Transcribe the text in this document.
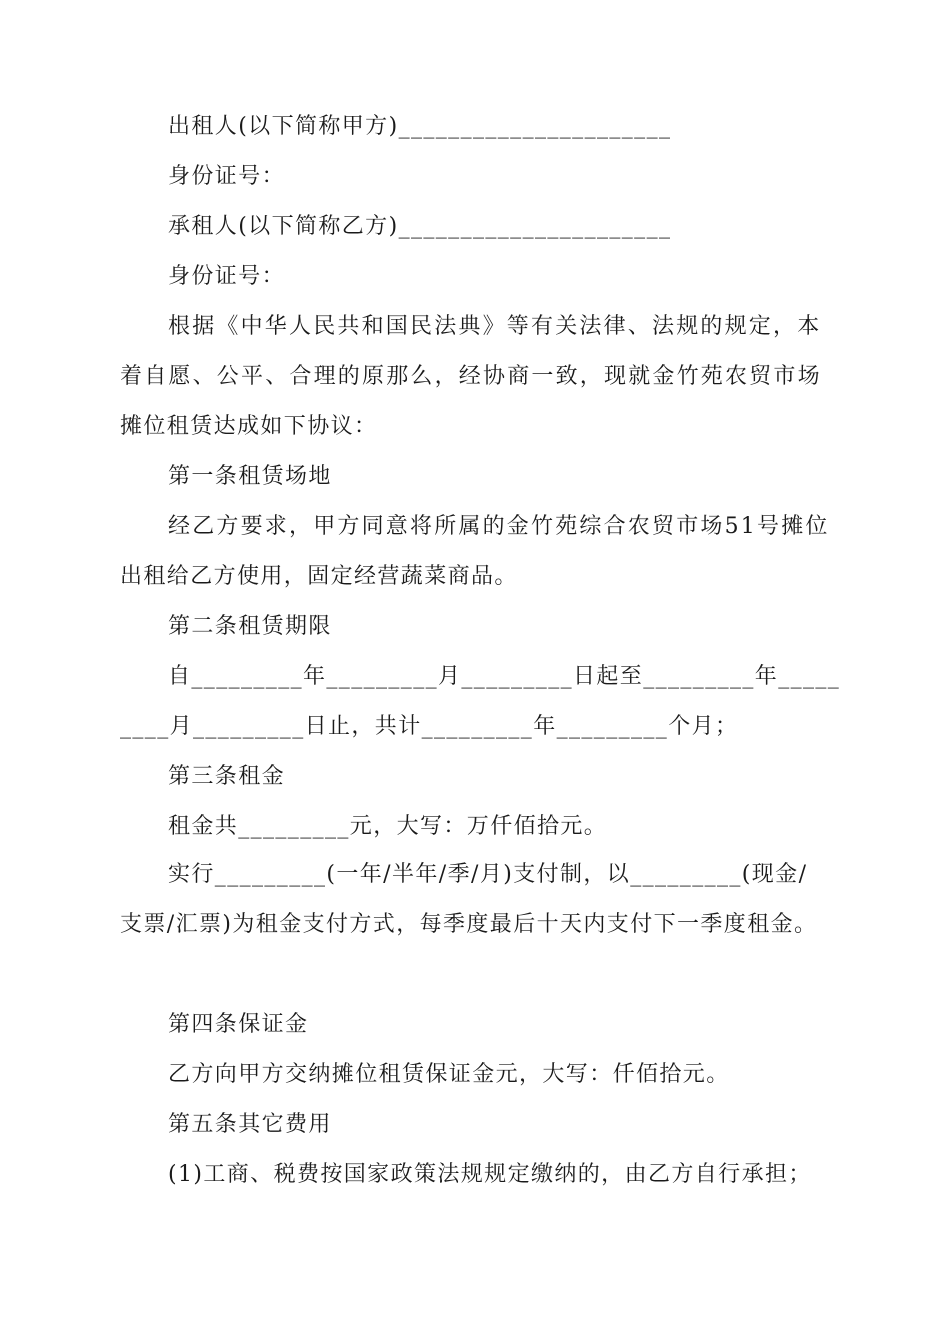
出租人(以下简称甲方)______________________
身份证号：
承租人(以下简称乙方)______________________
身份证号：
根据《中华人民共和国民法典》等有关法律、法规的规定，本
着自愿、公平、合理的原那么，经协商一致，现就金竹苑农贸市场
摊位租赁达成如下协议：
第一条租赁场地
经乙方要求，甲方同意将所属的金竹苑综合农贸市场51号摊位
出租给乙方使用，固定经营蔬菜商品。
第二条租赁期限
自_________年_________月_________日起至_________年_____
____月_________日止，共计_________年_________个月；
第三条租金
租金共_________元，大写：万仟佰拾元。
实行_________(一年/半年/季/月)支付制，以_________(现金/
支票/汇票)为租金支付方式，每季度最后十天内支付下一季度租金。
第四条保证金
乙方向甲方交纳摊位租赁保证金元，大写：仟佰拾元。
第五条其它费用
(1)工商、税费按国家政策法规规定缴纳的，由乙方自行承担；
